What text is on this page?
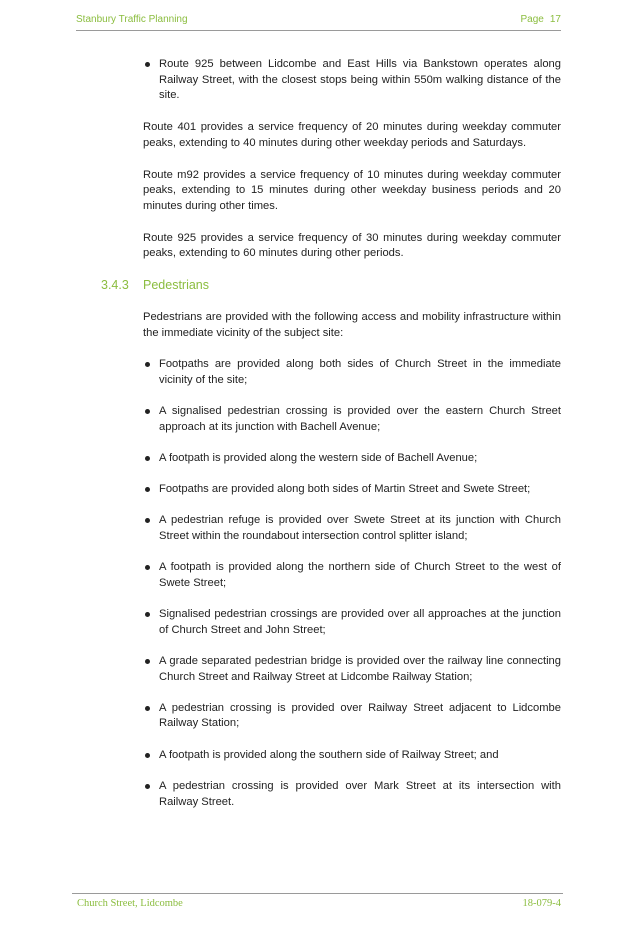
Stanbury Traffic Planning	Page 17
Route 925 between Lidcombe and East Hills via Bankstown operates along Railway Street, with the closest stops being within 550m walking distance of the site.

Route 401 provides a service frequency of 20 minutes during weekday commuter peaks, extending to 40 minutes during other weekday periods and Saturdays.

Route m92 provides a service frequency of 10 minutes during weekday commuter peaks, extending to 15 minutes during other weekday business periods and 20 minutes during other times.

Route 925 provides a service frequency of 30 minutes during weekday commuter peaks, extending to 60 minutes during other periods.

3.4.3 Pedestrians

Pedestrians are provided with the following access and mobility infrastructure within the immediate vicinity of the subject site:

Footpaths are provided along both sides of Church Street in the immediate vicinity of the site;
A signalised pedestrian crossing is provided over the eastern Church Street approach at its junction with Bachell Avenue;
A footpath is provided along the western side of Bachell Avenue;
Footpaths are provided along both sides of Martin Street and Swete Street;
A pedestrian refuge is provided over Swete Street at its junction with Church Street within the roundabout intersection control splitter island;
A footpath is provided along the northern side of Church Street to the west of Swete Street;
Signalised pedestrian crossings are provided over all approaches at the junction of Church Street and John Street;
A grade separated pedestrian bridge is provided over the railway line connecting Church Street and Railway Street at Lidcombe Railway Station;
A pedestrian crossing is provided over Railway Street adjacent to Lidcombe Railway Station;
A footpath is provided along the southern side of Railway Street; and
A pedestrian crossing is provided over Mark Street at its intersection with Railway Street.
Church Street, Lidcombe	18-079-4
